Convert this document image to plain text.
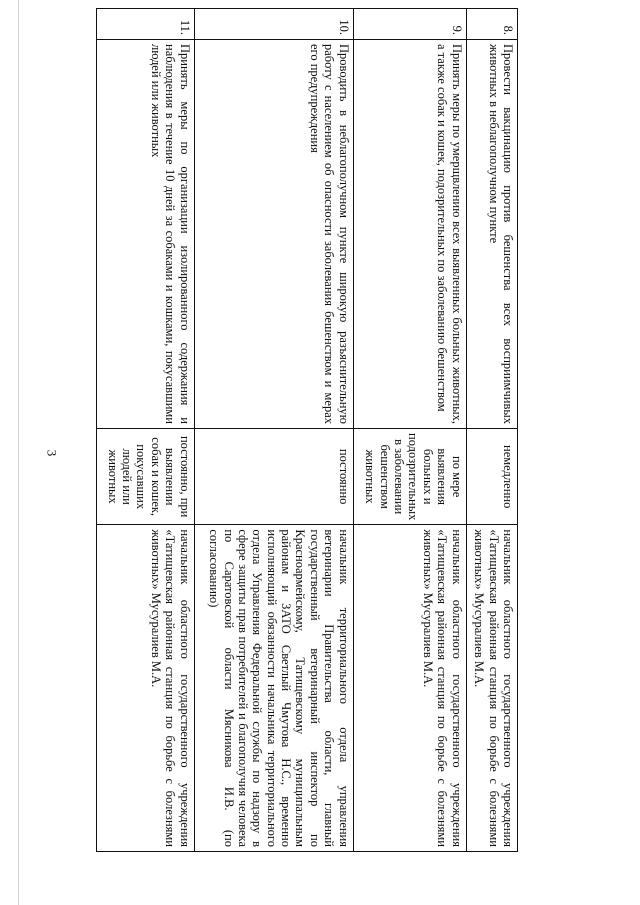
3
8.	Провести вакцинацию против бешенства всех восприимчивых животных в неблагополучном пункте	немедленно	начальник областного государственного учреждения «Татищевская районная станция по борьбе с болезнями животных» Мусуралиев М.А.
9.	Принять меры по умерщвлению всех выявленных больных животных, а также собак и кошек, подозрительных по заболеванию бешенством	по мере выявления больных и подозрительных в заболевании бешенством животных	начальник областного государственного учреждения «Татищевская районная станция по борьбе с болезнями животных» Мусуралиев М.А.
10.	Проводить в неблагополучном пункте широкую разъяснительную работу с населением об опасности заболевания бешенством и мерах его предупреждения	постоянно	начальник территориального отдела управления ветеринарии Правительства области, главный государственный ветеринарный инспектор по Красноармейскому, Татищевскому муниципальным районам и ЗАТО Светлый Чмутова Н.С., временно исполняющий обязанности начальника территориального отдела Управления Федеральной службы по надзору в сфере защиты прав потребителей и благополучия человека по Саратовской области Мясникова И.В. (по согласованию)
11.	Принять меры по организации изолированного содержания и наблюдения в течение 10 дней за собаками и кошками, покусавшими людей или животных	постоянно, при выявлении собак и кошек, покусавших людей или животных	начальник областного государственного учреждения «Татищевская районная станция по борьбе с болезнями животных» Мусуралиев М.А.
